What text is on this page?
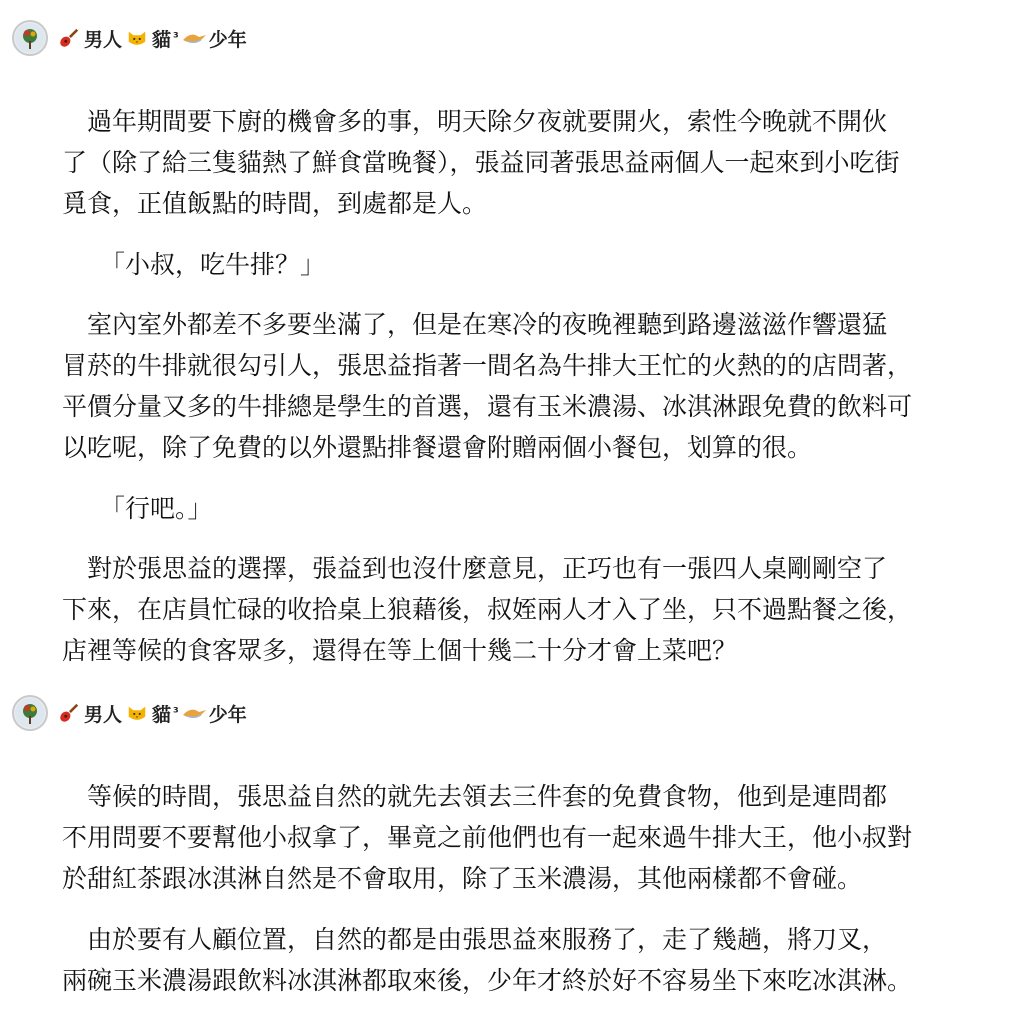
男人 貓 ³ 少年
　過年期間要下廚的機會多的事，明天除夕夜就要開火，索性今晚就不開伙
了（除了給三隻貓熱了鮮食當晚餐），張益同著張思益兩個人一起來到小吃街
覓食，正值飯點的時間，到處都是人。
「小叔，吃牛排？」
　室內室外都差不多要坐滿了，但是在寒冷的夜晚裡聽到路邊滋滋作響還猛
冒菸的牛排就很勾引人，張思益指著一間名為牛排大王忙的火熱的的店問著，
平價分量又多的牛排總是學生的首選，還有玉米濃湯、冰淇淋跟免費的飲料可
以吃呢，除了免費的以外還點排餐還會附贈兩個小餐包，划算的很。
「行吧。」
　對於張思益的選擇，張益到也沒什麼意見，正巧也有一張四人桌剛剛空了
下來，在店員忙碌的收拾桌上狼藉後，叔姪兩人才入了坐，只不過點餐之後，
店裡等候的食客眾多，還得在等上個十幾二十分才會上菜吧？
男人 貓 ³ 少年
　等候的時間，張思益自然的就先去領去三件套的免費食物，他到是連問都
不用問要不要幫他小叔拿了，畢竟之前他們也有一起來過牛排大王，他小叔對
於甜紅茶跟冰淇淋自然是不會取用，除了玉米濃湯，其他兩樣都不會碰。
　由於要有人顧位置，自然的都是由張思益來服務了，走了幾趟，將刀叉，
兩碗玉米濃湯跟飲料冰淇淋都取來後，少年才終於好不容易坐下來吃冰淇淋。
